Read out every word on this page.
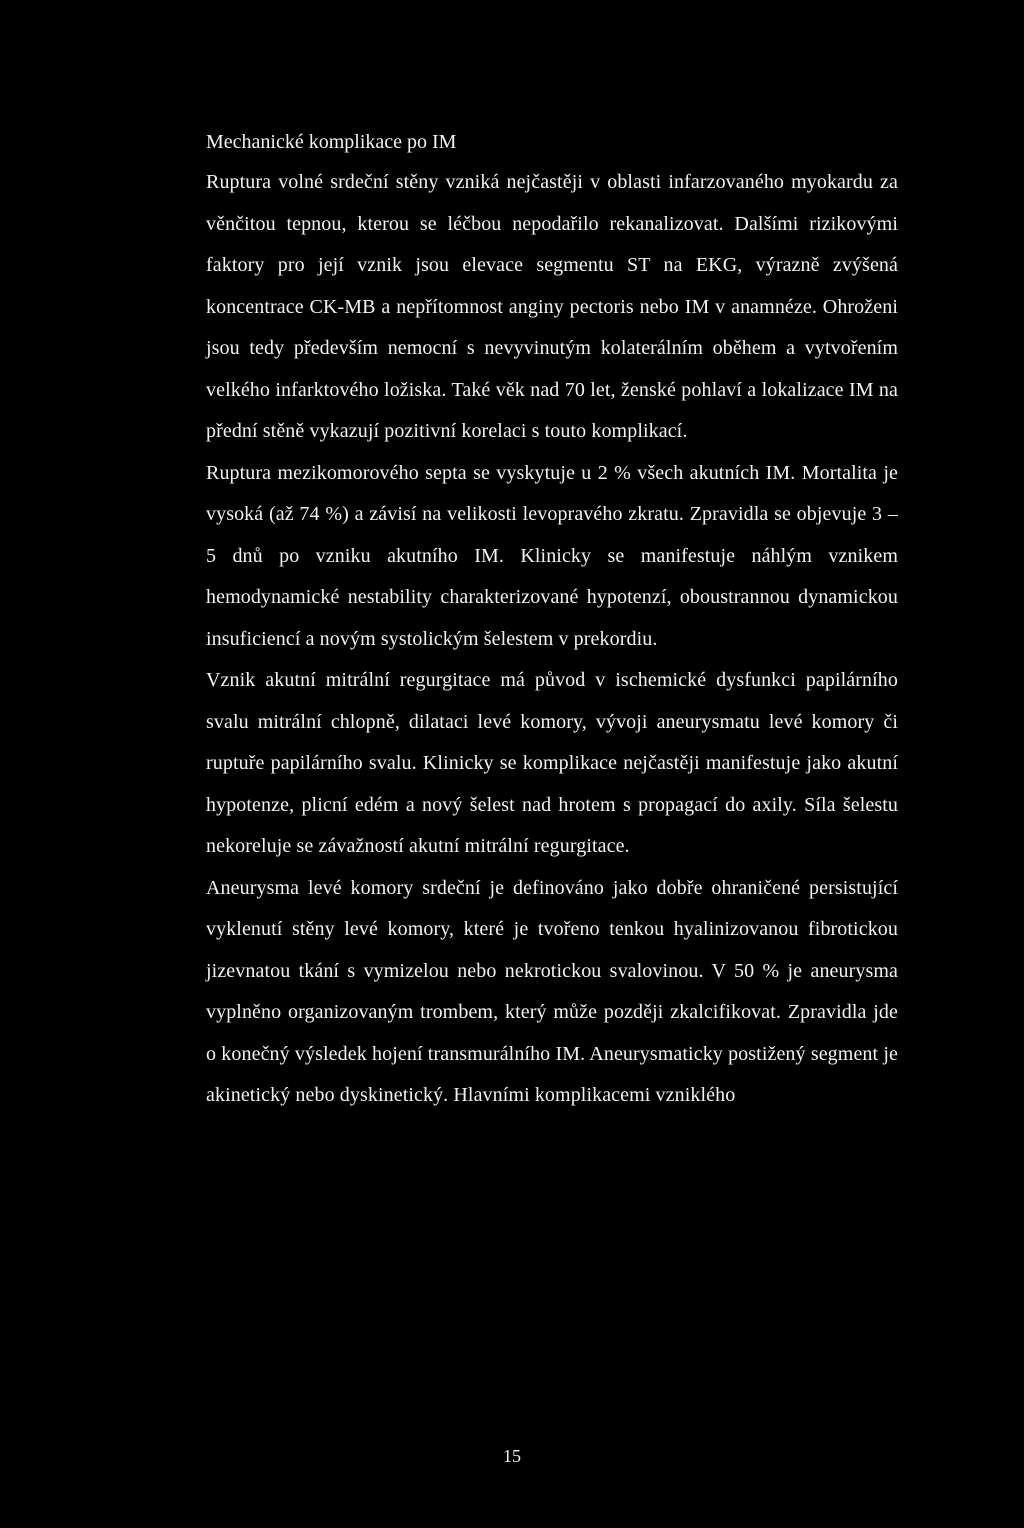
Mechanické komplikace po IM

Ruptura volné srdeční stěny vzniká nejčastěji v oblasti infarzovaného myokardu za věnčitou tepnou, kterou se léčbou nepodařilo rekanalizovat. Dalšími rizikovými faktory pro její vznik jsou elevace segmentu ST na EKG, výrazně zvýšená koncentrace CK-MB a nepřítomnost anginy pectoris nebo IM v anamnéze. Ohroženi jsou tedy především nemocní s nevyvinutým kolaterálním oběhem a vytvořením velkého infarktového ložiska. Také věk nad 70 let, ženské pohlaví a lokalizace IM na přední stěně vykazují pozitivní korelaci s touto komplikací.

Ruptura mezikomorového septa se vyskytuje u 2 % všech akutních IM. Mortalita je vysoká (až 74 %) a závisí na velikosti levopravého zkratu. Zpravidla se objevuje 3 – 5 dnů po vzniku akutního IM. Klinicky se manifestuje náhlým vznikem hemodynamické nestability charakterizované hypotenzí, oboustrannou dynamickou insuficiencí a novým systolickým šelestem v prekordiu.

Vznik akutní mitrální regurgitace má původ v ischemické dysfunkci papilárního svalu mitrální chlopně, dilataci levé komory, vývoji aneurysmatu levé komory či ruptuře papilárního svalu. Klinicky se komplikace nejčastěji manifestuje jako akutní hypotenze, plicní edém a nový šelest nad hrotem s propagací do axily. Síla šelestu nekoreluje se závažností akutní mitrální regurgitace.

Aneurysma levé komory srdeční je definováno jako dobře ohraničené persistující vyklenutí stěny levé komory, které je tvořeno tenkou hyalinizovanou fibrotickou jizevnatou tkání s vymizelou nebo nekrotickou svalovinou. V 50 % je aneurysma vyplněno organizovaným trombem, který může později zkalcifikovat. Zpravidla jde o konečný výsledek hojení transmurálního IM. Aneurysmaticky postižený segment je akinetický nebo dyskinetický. Hlavními komplikacemi vzniklého

15
